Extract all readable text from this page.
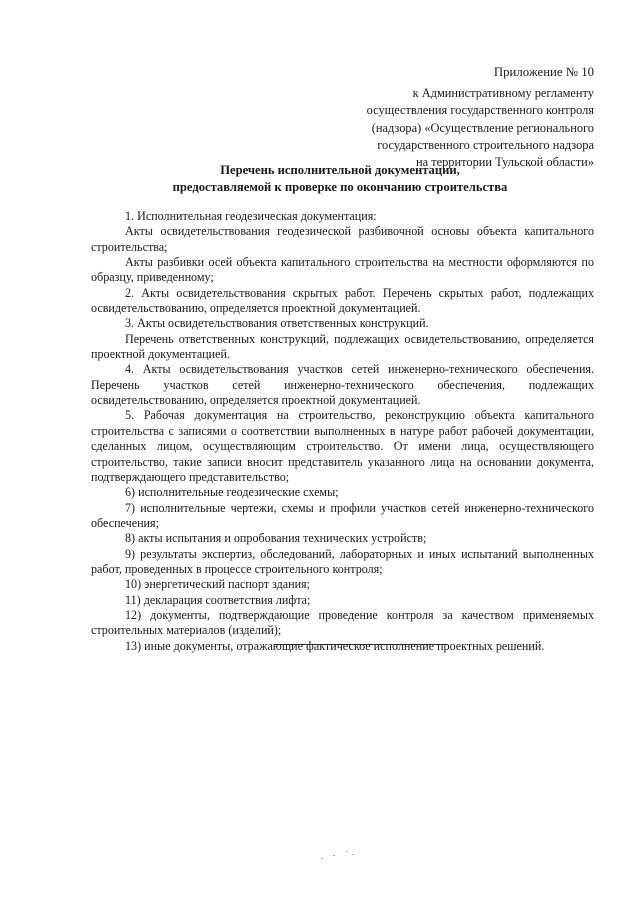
Приложение № 10
к Административному регламенту
осуществления государственного контроля
(надзора) «Осуществление регионального
государственного строительного надзора
на территории Тульской области»
Перечень исполнительной документации,
предоставляемой к проверке по окончанию строительства

1. Исполнительная геодезическая документация:

Акты освидетельствования геодезической разбивочной основы объекта капитального строительства;

Акты разбивки осей объекта капитального строительства на местности оформляются по образцу, приведенному;

2. Акты освидетельствования скрытых работ. Перечень скрытых работ, подлежащих освидетельствованию, определяется проектной документацией.

3. Акты освидетельствования ответственных конструкций.

Перечень ответственных конструкций, подлежащих освидетельствованию, определяется проектной документацией.

4. Акты освидетельствования участков сетей инженерно-технического обеспечения. Перечень участков сетей инженерно-технического обеспечения, подлежащих освидетельствованию, определяется проектной документацией.

5. Рабочая документация на строительство, реконструкцию объекта капитального строительства с записями о соответствии выполненных в натуре работ рабочей документации, сделанных лицом, осуществляющим строительство. От имени лица, осуществляющего строительство, такие записи вносит представитель указанного лица на основании документа, подтверждающего представительство;

6) исполнительные геодезические схемы;

7) исполнительные чертежи, схемы и профили участков сетей инженерно-технического обеспечения;

8) акты испытания и опробования технических устройств;

9) результаты экспертиз, обследований, лабораторных и иных испытаний выполненных работ, проведенных в процессе строительного контроля;

10) энергетический паспорт здания;

11) декларация соответствия лифта;

12) документы, подтверждающие проведение контроля за качеством применяемых строительных материалов (изделий);

13) иные документы, отражающие фактическое исполнение проектных решений.
